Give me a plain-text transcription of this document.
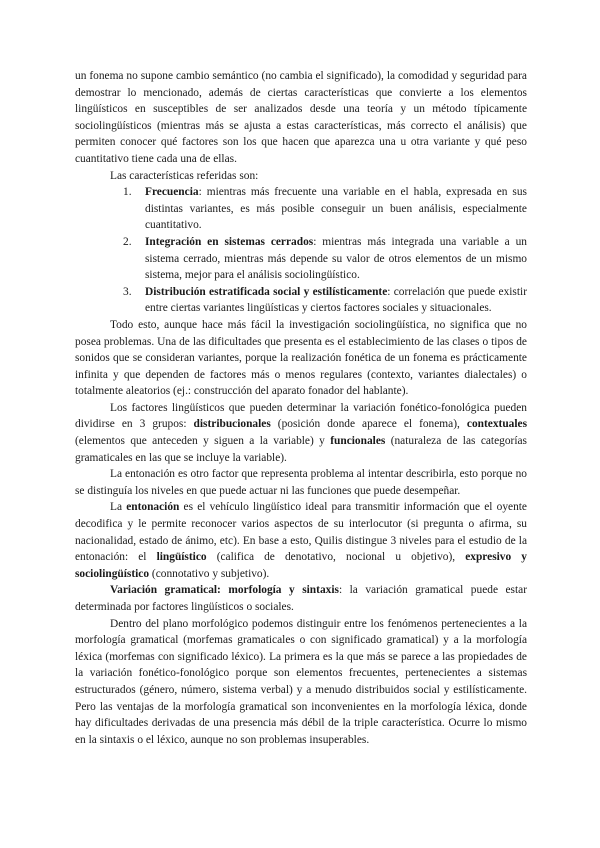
un fonema no supone cambio semántico (no cambia el significado), la comodidad y seguridad para demostrar lo mencionado, además de ciertas características que convierte a los elementos lingüísticos en susceptibles de ser analizados desde una teoría y un método típicamente sociolingüísticos (mientras más se ajusta a estas características, más correcto el análisis) que permiten conocer qué factores son los que hacen que aparezca una u otra variante y qué peso cuantitativo tiene cada una de ellas.

Las características referidas son:

1. Frecuencia: mientras más frecuente una variable en el habla, expresada en sus distintas variantes, es más posible conseguir un buen análisis, especialmente cuantitativo.
2. Integración en sistemas cerrados: mientras más integrada una variable a un sistema cerrado, mientras más depende su valor de otros elementos de un mismo sistema, mejor para el análisis sociolingüístico.
3. Distribución estratificada social y estilísticamente: correlación que puede existir entre ciertas variantes lingüísticas y ciertos factores sociales y situacionales.

Todo esto, aunque hace más fácil la investigación sociolingüística, no significa que no posea problemas. Una de las dificultades que presenta es el establecimiento de las clases o tipos de sonidos que se consideran variantes, porque la realización fonética de un fonema es prácticamente infinita y que dependen de factores más o menos regulares (contexto, variantes dialectales) o totalmente aleatorios (ej.: construcción del aparato fonador del hablante).

Los factores lingüísticos que pueden determinar la variación fonético-fonológica pueden dividirse en 3 grupos: distribucionales (posición donde aparece el fonema), contextuales (elementos que anteceden y siguen a la variable) y funcionales (naturaleza de las categorías gramaticales en las que se incluye la variable).

La entonación es otro factor que representa problema al intentar describirla, esto porque no se distinguía los niveles en que puede actuar ni las funciones que puede desempeñar.

La entonación es el vehículo lingüístico ideal para transmitir información que el oyente decodifica y le permite reconocer varios aspectos de su interlocutor (si pregunta o afirma, su nacionalidad, estado de ánimo, etc). En base a esto, Quilis distingue 3 niveles para el estudio de la entonación: el lingüístico (califica de denotativo, nocional u objetivo), expresivo y sociolingüístico (connotativo y subjetivo).

Variación gramatical: morfología y sintaxis: la variación gramatical puede estar determinada por factores lingüísticos o sociales.

Dentro del plano morfológico podemos distinguir entre los fenómenos pertenecientes a la morfología gramatical (morfemas gramaticales o con significado gramatical) y a la morfología léxica (morfemas con significado léxico). La primera es la que más se parece a las propiedades de la variación fonético-fonológico porque son elementos frecuentes, pertenecientes a sistemas estructurados (género, número, sistema verbal) y a menudo distribuidos social y estilísticamente. Pero las ventajas de la morfología gramatical son inconvenientes en la morfología léxica, donde hay dificultades derivadas de una presencia más débil de la triple característica. Ocurre lo mismo en la sintaxis o el léxico, aunque no son problemas insuperables.
